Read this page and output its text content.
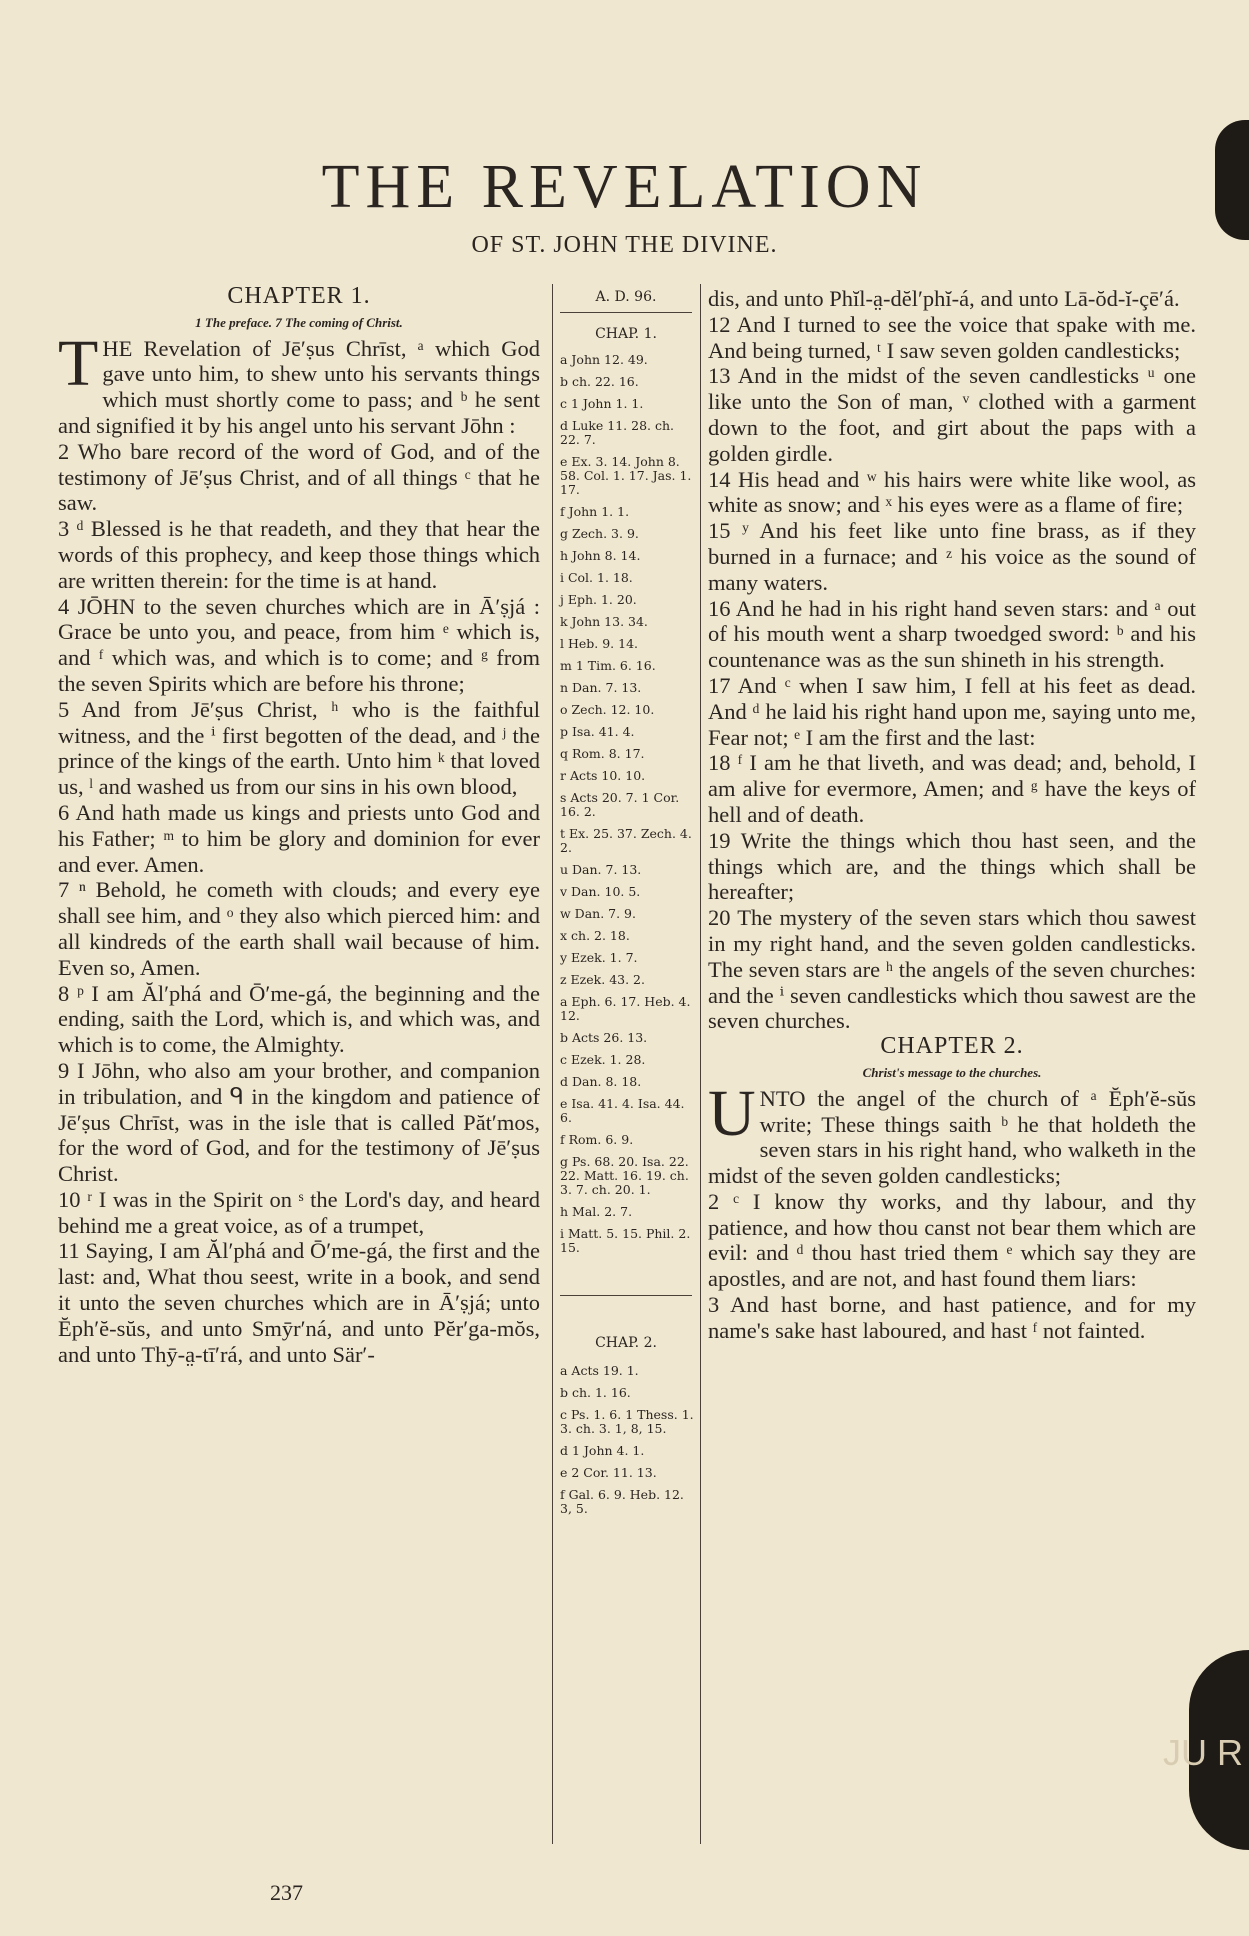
JU R
THE REVELATION
OF ST. JOHN THE DIVINE.

CHAPTER 1.

1 The preface. 7 The coming of Christ.

THE Revelation of Jē′ṣus Chrīst, ᵃ which God gave unto him, to shew unto his servants things which must shortly come to pass; and ᵇ he sent and signified it by his angel unto his servant Jōhn :

2 Who bare record of the word of God, and of the testimony of Jē′ṣus Christ, and of all things ᶜ that he saw.

3 ᵈ Blessed is he that readeth, and they that hear the words of this prophecy, and keep those things which are written therein: for the time is at hand.

4 JŌHN to the seven churches which are in Ā′ṣjá : Grace be unto you, and peace, from him ᵉ which is, and ᶠ which was, and which is to come; and ᵍ from the seven Spirits which are before his throne;

5 And from Jē′ṣus Christ, ʰ who is the faithful witness, and the ⁱ first begotten of the dead, and ʲ the prince of the kings of the earth. Unto him ᵏ that loved us, ˡ and washed us from our sins in his own blood,

6 And hath made us kings and priests unto God and his Father; ᵐ to him be glory and dominion for ever and ever. Amen.

7 ⁿ Behold, he cometh with clouds; and every eye shall see him, and ᵒ they also which pierced him: and all kindreds of the earth shall wail because of him. Even so, Amen.

8 ᵖ I am Ăl′phá and Ō′me-gá, the beginning and the ending, saith the Lord, which is, and which was, and which is to come, the Almighty.

9 I Jōhn, who also am your brother, and companion in tribulation, and ᑫ in the kingdom and patience of Jē′ṣus Chrīst, was in the isle that is called Păt′mos, for the word of God, and for the testimony of Jē′ṣus Christ.

10 ʳ I was in the Spirit on ˢ the Lord's day, and heard behind me a great voice, as of a trumpet,

11 Saying, I am Ăl′phá and Ō′me-gá, the first and the last: and, What thou seest, write in a book, and send it unto the seven churches which are in Ā′ṣjá; unto Ĕph′ĕ-sŭs, and unto Smȳr′ná, and unto Pĕr′ga-mŏs, and unto Thȳ-a̤-tī′rá, and unto Sär′-

A. D. 96.

CHAP. 1.

a John 12. 49.

b ch. 22. 16.

c 1 John 1. 1.

d Luke 11. 28. ch. 22. 7.

e Ex. 3. 14. John 8. 58. Col. 1. 17. Jas. 1. 17.

f John 1. 1.

g Zech. 3. 9.

h John 8. 14.

i Col. 1. 18.

j Eph. 1. 20.

k John 13. 34.

l Heb. 9. 14.

m 1 Tim. 6. 16.

n Dan. 7. 13.

o Zech. 12. 10.

p Isa. 41. 4.

q Rom. 8. 17.

r Acts 10. 10.

s Acts 20. 7. 1 Cor. 16. 2.

t Ex. 25. 37. Zech. 4. 2.

u Dan. 7. 13.

v Dan. 10. 5.

w Dan. 7. 9.

x ch. 2. 18.

y Ezek. 1. 7.

z Ezek. 43. 2.

a Eph. 6. 17. Heb. 4. 12.

b Acts 26. 13.

c Ezek. 1. 28.

d Dan. 8. 18.

e Isa. 41. 4. Isa. 44. 6.

f Rom. 6. 9.

g Ps. 68. 20. Isa. 22. 22. Matt. 16. 19. ch. 3. 7. ch. 20. 1.

h Mal. 2. 7.

i Matt. 5. 15. Phil. 2. 15.

CHAP. 2.

a Acts 19. 1.

b ch. 1. 16.

c Ps. 1. 6. 1 Thess. 1. 3. ch. 3. 1, 8, 15.

d 1 John 4. 1.

e 2 Cor. 11. 13.

f Gal. 6. 9. Heb. 12. 3, 5.

dis, and unto Phĭl-a̤-dĕl′phĭ-á, and unto Lā-ŏd-ĭ-çē′á.

12 And I turned to see the voice that spake with me. And being turned, ᵗ I saw seven golden candlesticks;

13 And in the midst of the seven candlesticks ᵘ one like unto the Son of man, ᵛ clothed with a garment down to the foot, and girt about the paps with a golden girdle.

14 His head and ʷ his hairs were white like wool, as white as snow; and ˣ his eyes were as a flame of fire;

15 ʸ And his feet like unto fine brass, as if they burned in a furnace; and ᶻ his voice as the sound of many waters.

16 And he had in his right hand seven stars: and ᵃ out of his mouth went a sharp twoedged sword: ᵇ and his countenance was as the sun shineth in his strength.

17 And ᶜ when I saw him, I fell at his feet as dead. And ᵈ he laid his right hand upon me, saying unto me, Fear not; ᵉ I am the first and the last:

18 ᶠ I am he that liveth, and was dead; and, behold, I am alive for evermore, Amen; and ᵍ have the keys of hell and of death.

19 Write the things which thou hast seen, and the things which are, and the things which shall be hereafter;

20 The mystery of the seven stars which thou sawest in my right hand, and the seven golden candlesticks. The seven stars are ʰ the angels of the seven churches: and the ⁱ seven candlesticks which thou sawest are the seven churches.

CHAPTER 2.

Christ's message to the churches.

UNTO the angel of the church of ᵃ Ĕph′ĕ-sŭs write; These things saith ᵇ he that holdeth the seven stars in his right hand, who walketh in the midst of the seven golden candlesticks;

2 ᶜ I know thy works, and thy labour, and thy patience, and how thou canst not bear them which are evil: and ᵈ thou hast tried them ᵉ which say they are apostles, and are not, and hast found them liars:

3 And hast borne, and hast patience, and for my name's sake hast laboured, and hast ᶠ not fainted.

237
